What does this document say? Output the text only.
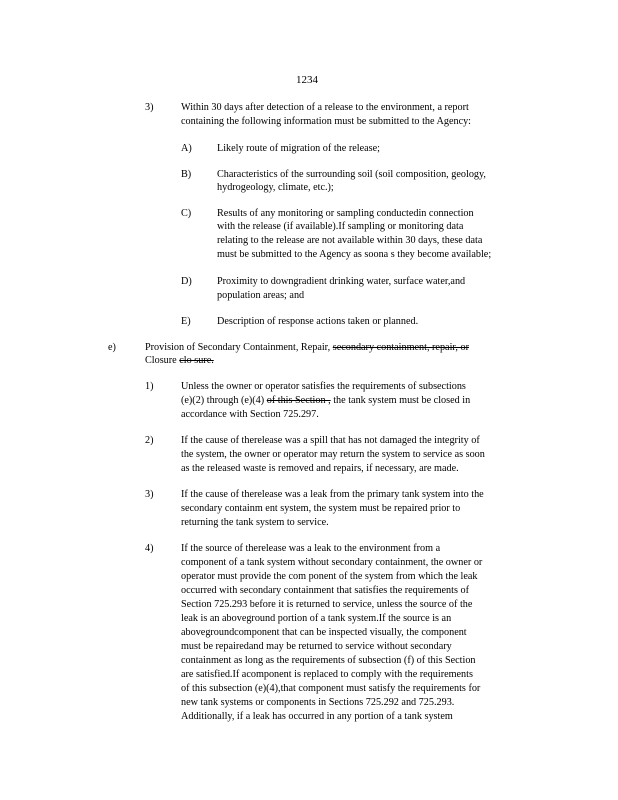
1234
3)	Within 30 days after detection of a release to the environment, a report
containing the following information must be submitted to the Agency:
A) Likely route of migration of the release;
B)	Characteristics of the surrounding soil (soil composition, geology,
hydrogeology, climate, etc.);
C)	Results of any monitoring or sampling conductedin connection
with the release (if available).If sampling or monitoring data
relating to the release are not available within 30 days, these data
must be submitted to the Agency as soona s they become available;
D) Proximity to downgradient drinking water, surface water,and
population areas; and
E)	Description of response actions taken or planned.
e)	Provision of Secondary Containment, Repair, secondary containment, repair, or
Closure clo sure.
1)	Unless the owner or operator satisfies the requirements of subsections
(e)(2) through (e)(4) of this Section , the tank system must be closed in
accordance with Section 725.297.
2)	If the cause of therelease was a spill that has not damaged the integrity of
the system, the owner or operator may return the system to service as soon
as the released waste is removed and repairs, if necessary, are made.
3)	If the cause of therelease was a leak from the primary tank system into the
secondary containm ent system, the system must be repaired prior to
returning the tank system to service.
4)	If the source of therelease was a leak to the environment from a
component of a tank system without secondary containment, the owner or
operator must provide the com ponent of the system from which the leak
occurred with secondary containment that satisfies the requirements of
Section 725.293 before it is returned to service, unless the source of the
leak is an aboveground portion of a tank system.If the source is an
abovegroundcomponent that can be inspected visually, the component
must be repairedand may be returned to service without secondary
containment as long as the requirements of subsection (f) of this Section
are satisfied.If acomponent is replaced to comply with the requirements
of this subsection (e)(4),that component must satisfy the requirements for
new tank systems or components in Sections 725.292 and 725.293.
Additionally, if a leak has occurred in any portion of a tank system
